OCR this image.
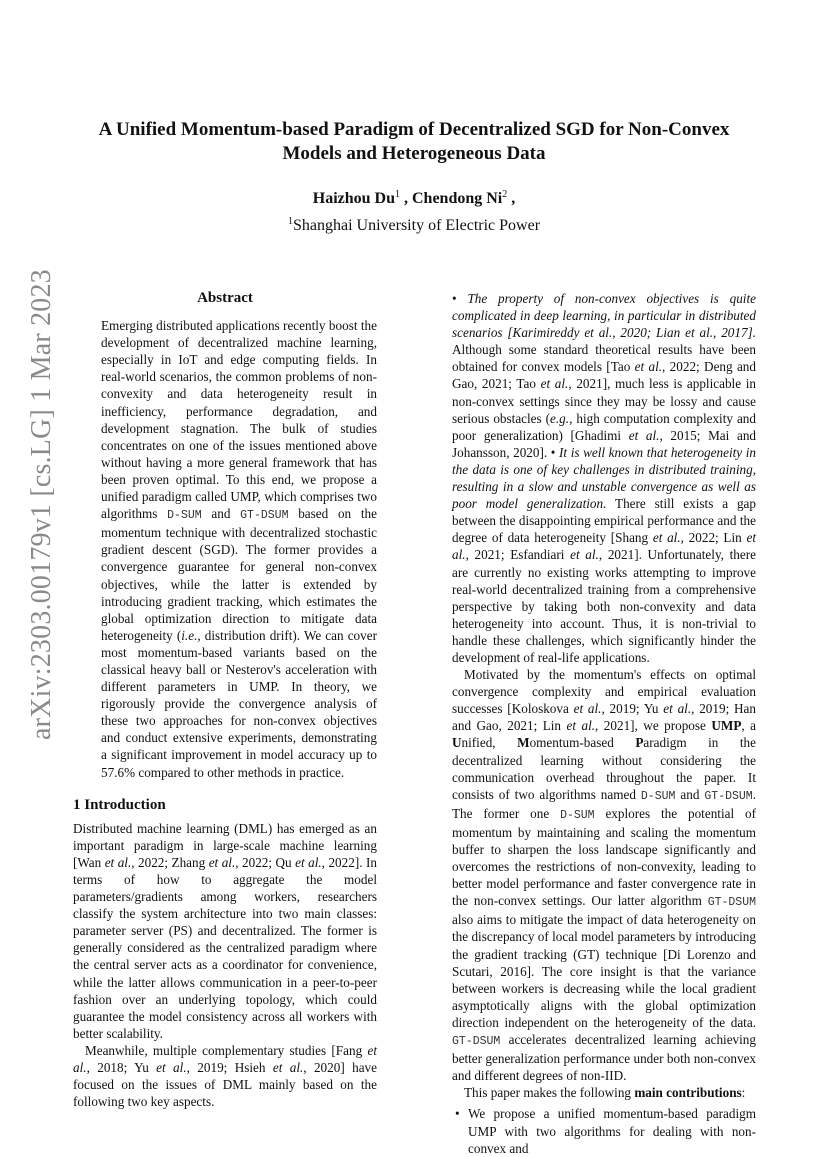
arXiv:2303.00179v1 [cs.LG] 1 Mar 2023
A Unified Momentum-based Paradigm of Decentralized SGD for Non-Convex
Models and Heterogeneous Data
Haizhou Du$^1$ , Chendong Ni$^2$ ,
$^1$Shanghai University of Electric Power
Abstract

Emerging distributed applications recently boost the development of decentralized machine learning, especially in IoT and edge computing fields. In real-world scenarios, the common problems of non-convexity and data heterogeneity result in inefficiency, performance degradation, and development stagnation. The bulk of studies concentrates on one of the issues mentioned above without having a more general framework that has been proven optimal. To this end, we propose a unified paradigm called UMP, which comprises two algorithms D-SUM and GT-DSUM based on the momentum technique with decentralized stochastic gradient descent (SGD). The former provides a convergence guarantee for general non-convex objectives, while the latter is extended by introducing gradient tracking, which estimates the global optimization direction to mitigate data heterogeneity (i.e., distribution drift). We can cover most momentum-based variants based on the classical heavy ball or Nesterov's acceleration with different parameters in UMP. In theory, we rigorously provide the convergence analysis of these two approaches for non-convex objectives and conduct extensive experiments, demonstrating a significant improvement in model accuracy up to 57.6% compared to other methods in practice.

1 Introduction

Distributed machine learning (DML) has emerged as an important paradigm in large-scale machine learning [Wan et al., 2022; Zhang et al., 2022; Qu et al., 2022]. In terms of how to aggregate the model parameters/gradients among workers, researchers classify the system architecture into two main classes: parameter server (PS) and decentralized. The former is generally considered as the centralized paradigm where the central server acts as a coordinator for convenience, while the latter allows communication in a peer-to-peer fashion over an underlying topology, which could guarantee the model consistency across all workers with better scalability.

Meanwhile, multiple complementary studies [Fang et al., 2018; Yu et al., 2019; Hsieh et al., 2020] have focused on the issues of DML mainly based on the following two key aspects.

• The property of non-convex objectives is quite complicated in deep learning, in particular in distributed scenarios [Karimireddy et al., 2020; Lian et al., 2017]. Although some standard theoretical results have been obtained for convex models [Tao et al., 2022; Deng and Gao, 2021; Tao et al., 2021], much less is applicable in non-convex settings since they may be lossy and cause serious obstacles (e.g., high computation complexity and poor generalization) [Ghadimi et al., 2015; Mai and Johansson, 2020]. • It is well known that heterogeneity in the data is one of key challenges in distributed training, resulting in a slow and unstable convergence as well as poor model generalization. There still exists a gap between the disappointing empirical performance and the degree of data heterogeneity [Shang et al., 2022; Lin et al., 2021; Esfandiari et al., 2021]. Unfortunately, there are currently no existing works attempting to improve real-world decentralized training from a comprehensive perspective by taking both non-convexity and data heterogeneity into account. Thus, it is non-trivial to handle these challenges, which significantly hinder the development of real-life applications.

Motivated by the momentum's effects on optimal convergence complexity and empirical evaluation successes [Koloskova et al., 2019; Yu et al., 2019; Han and Gao, 2021; Lin et al., 2021], we propose UMP, a Unified, Momentum-based Paradigm in the decentralized learning without considering the communication overhead throughout the paper. It consists of two algorithms named D-SUM and GT-DSUM. The former one D-SUM explores the potential of momentum by maintaining and scaling the momentum buffer to sharpen the loss landscape significantly and overcomes the restrictions of non-convexity, leading to better model performance and faster convergence rate in the non-convex settings. Our latter algorithm GT-DSUM also aims to mitigate the impact of data heterogeneity on the discrepancy of local model parameters by introducing the gradient tracking (GT) technique [Di Lorenzo and Scutari, 2016]. The core insight is that the variance between workers is decreasing while the local gradient asymptotically aligns with the global optimization direction independent on the heterogeneity of the data. GT-DSUM accelerates decentralized learning achieving better generalization performance under both non-convex and different degrees of non-IID.

This paper makes the following main contributions:

• We propose a unified momentum-based paradigm UMP with two algorithms for dealing with non-convex and
